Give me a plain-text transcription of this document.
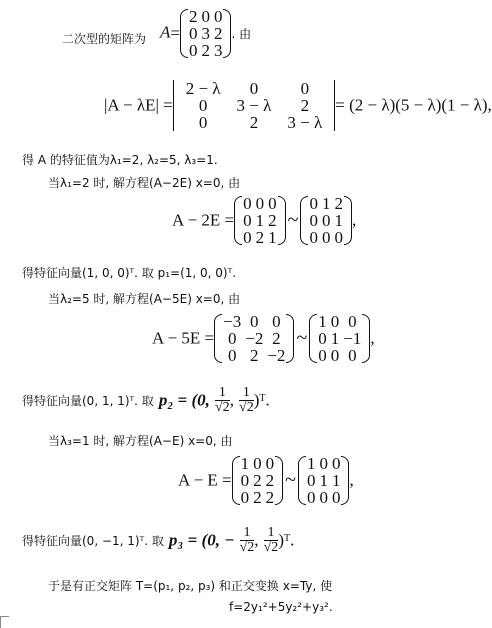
二次型的矩阵为 A=
2	0	0
0	3	2
0	2	3
. 由
|A − λE| =
2 − λ	0	0
0	3 − λ	2
0	2	3 − λ
= (2 − λ)(5 − λ)(1 − λ),
得 A 的特征值为λ₁=2, λ₂=5, λ₃=1.
当λ₁=2 时, 解方程(A−2E) x=0, 由
A − 2E =
0	0	0
0	1	2
0	2	1
~
0	1	2
0	0	1
0	0	0
,
得特征向量(1, 0, 0)ᵀ. 取 p₁=(1, 0, 0)ᵀ.
当λ₂=5 时, 解方程(A−5E) x=0, 由
A − 5E =
−3	0	0
0	−2	2
0	2	−2
~
1	0	0
0	1	−1
0	0	0
,
得特征向量(0, 1, 1)ᵀ. 取 p₂ = (0, $\frac{1}{√2}$ , $\frac{1}{√2}$ )ᵀ.
当λ₃=1 时, 解方程(A−E) x=0, 由
A − E =
1	0	0
0	2	2
0	2	2
~
1	0	0
0	1	1
0	0	0
,
得特征向量(0, −1, 1)ᵀ. 取 p₃ = (0, − $\frac{1}{√2}$ , $\frac{1}{√2}$ )ᵀ.
于是有正交矩阵 T=(p₁, p₂, p₃) 和正交变换 x=Ty, 使
f=2y₁²+5y₂²+y₃².
